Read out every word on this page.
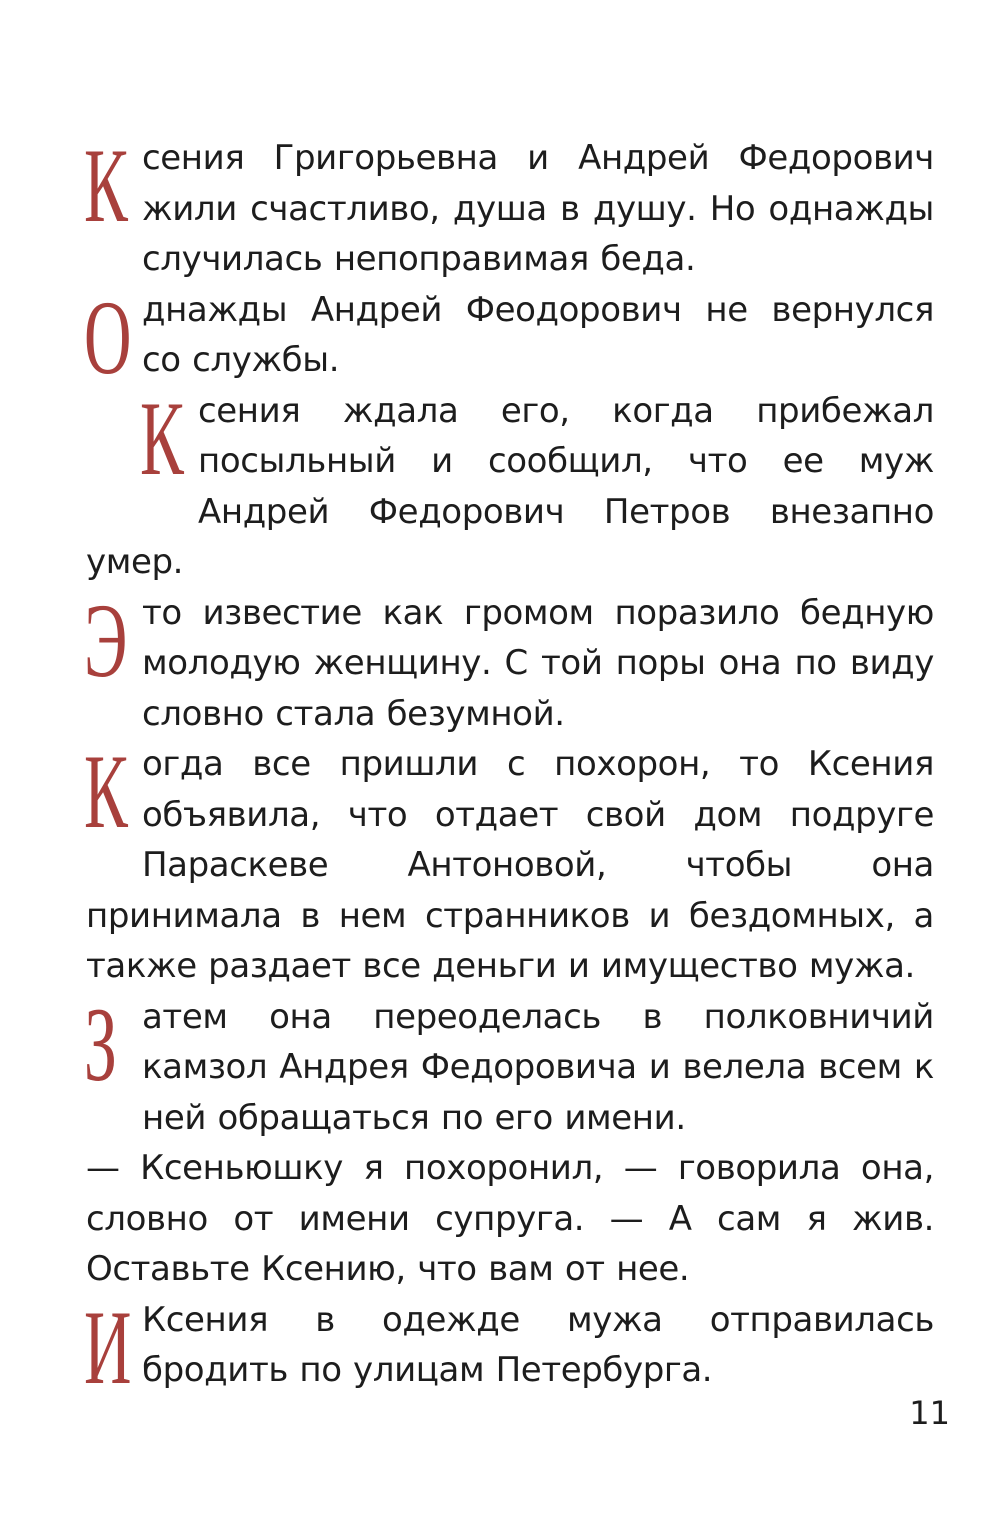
Ксения Григорьевна и Андрей Федорович жили счастливо, душа в душу. Но однажды случилась непоправимая беда.

Однажды Андрей Феодорович не вернулся со службы.

Ксения ждала его, когда прибежал посыльный и сообщил, что ее муж Андрей Федорович Петров внезапно умер.

Это известие как громом поразило бедную молодую женщину. С той поры она по виду словно стала безумной.

Когда все пришли с похорон, то Ксения объявила, что отдает свой дом подруге Параскеве Антоновой, чтобы она принимала в нем странников и бездомных, а также раздает все деньги и имущество мужа.

Затем она переоделась в полковничий камзол Андрея Федоровича и велела всем к ней обращаться по его имени.

— Ксеньюшку я похоронил, — говорила она, словно от имени супруга. — А сам я жив. Оставьте Ксению, что вам от нее.

И Ксения в одежде мужа отправилась бродить по улицам Петербурга.

11
